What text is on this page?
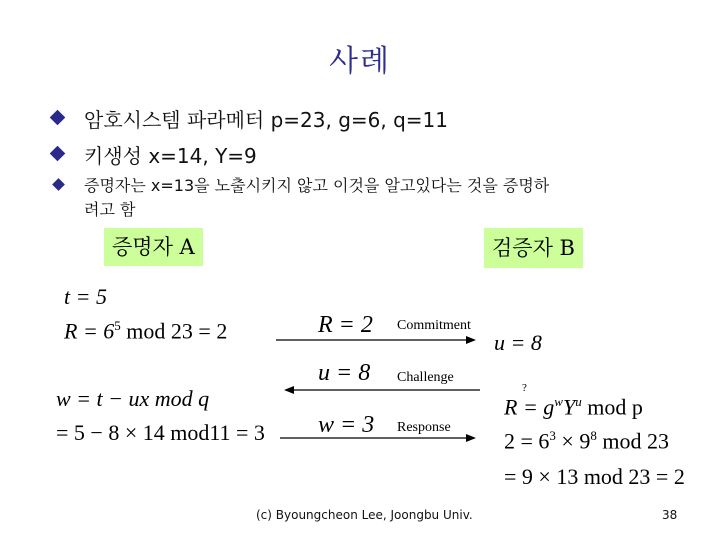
사례
암호시스템 파라메터 p=23, g=6, q=11
키생성 x=14, Y=9
증명자는 x=13을 노출시키지 않고 이것을 알고있다는 것을 증명하
려고 함
증명자 A	검증자 B
t = 5
$R = 6^5$ mod 23 = 2
w = t − ux mod q
= 5 − 8 × 14 mod11 = 3
R = 2 Commitment
u = 8 Challenge
w = 3 Response
u = 8
?
$R = g^wY^u$ mod p
$2 = 6^3 \times 9^8$ mod 23
= 9 × 13 mod 23 = 2
(c) Byoungcheon Lee, Joongbu Univ.	38
